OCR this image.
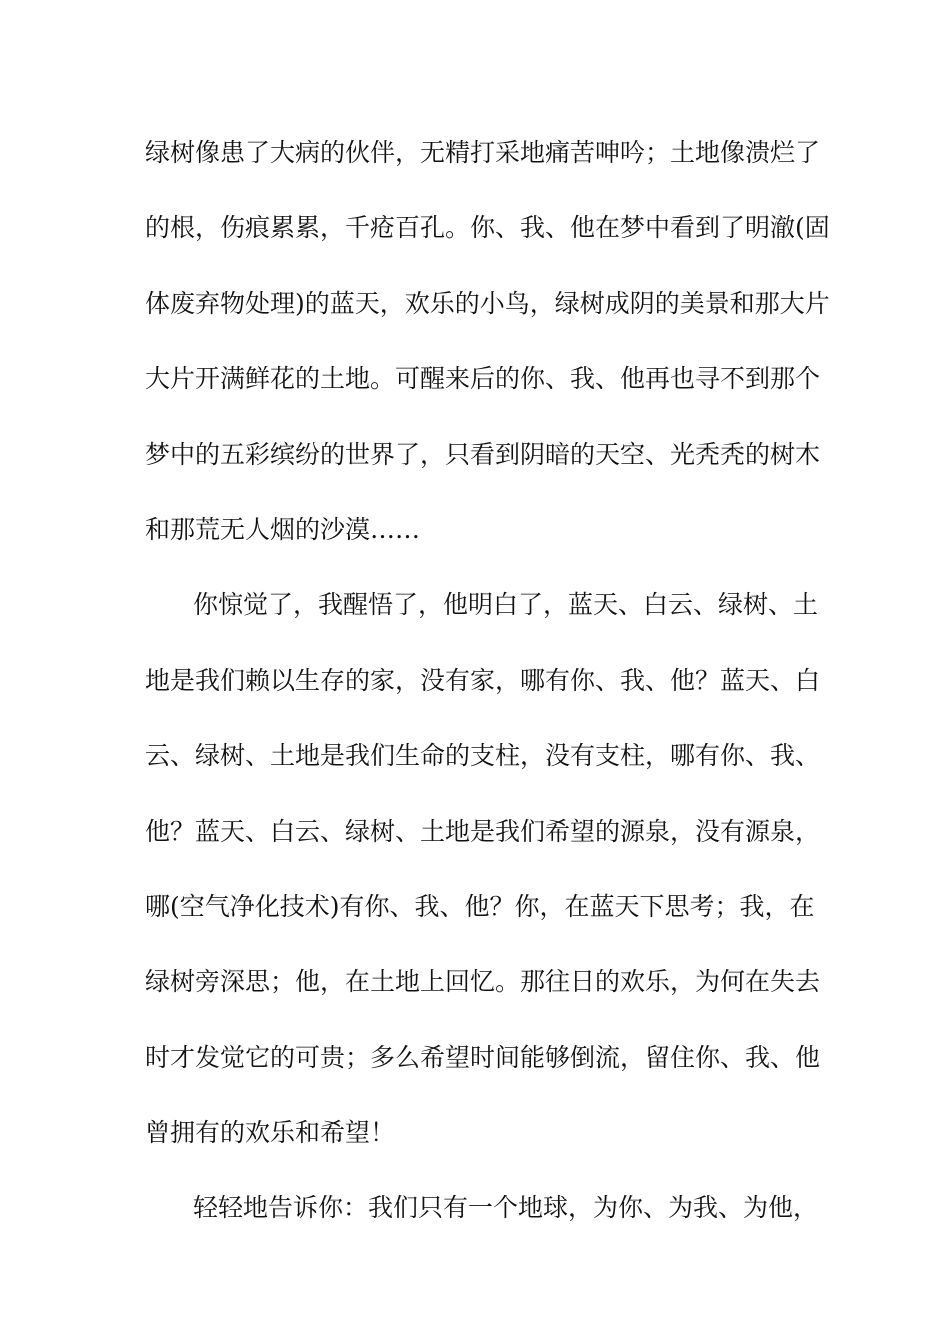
绿树像患了大病的伙伴，无精打采地痛苦呻吟；土地像溃烂了
的根，伤痕累累，千疮百孔。你、我、他在梦中看到了明澈(固
体废弃物处理)的蓝天，欢乐的小鸟，绿树成阴的美景和那大片
大片开满鲜花的土地。可醒来后的你、我、他再也寻不到那个
梦中的五彩缤纷的世界了，只看到阴暗的天空、光秃秃的树木
和那荒无人烟的沙漠……
你惊觉了，我醒悟了，他明白了，蓝天、白云、绿树、土
地是我们赖以生存的家，没有家，哪有你、我、他？蓝天、白
云、绿树、土地是我们生命的支柱，没有支柱，哪有你、我、
他？蓝天、白云、绿树、土地是我们希望的源泉，没有源泉，
哪(空气净化技术)有你、我、他？你，在蓝天下思考；我，在
绿树旁深思；他，在土地上回忆。那往日的欢乐，为何在失去
时才发觉它的可贵；多么希望时间能够倒流，留住你、我、他
曾拥有的欢乐和希望！
轻轻地告诉你：我们只有一个地球，为你、为我、为他，
